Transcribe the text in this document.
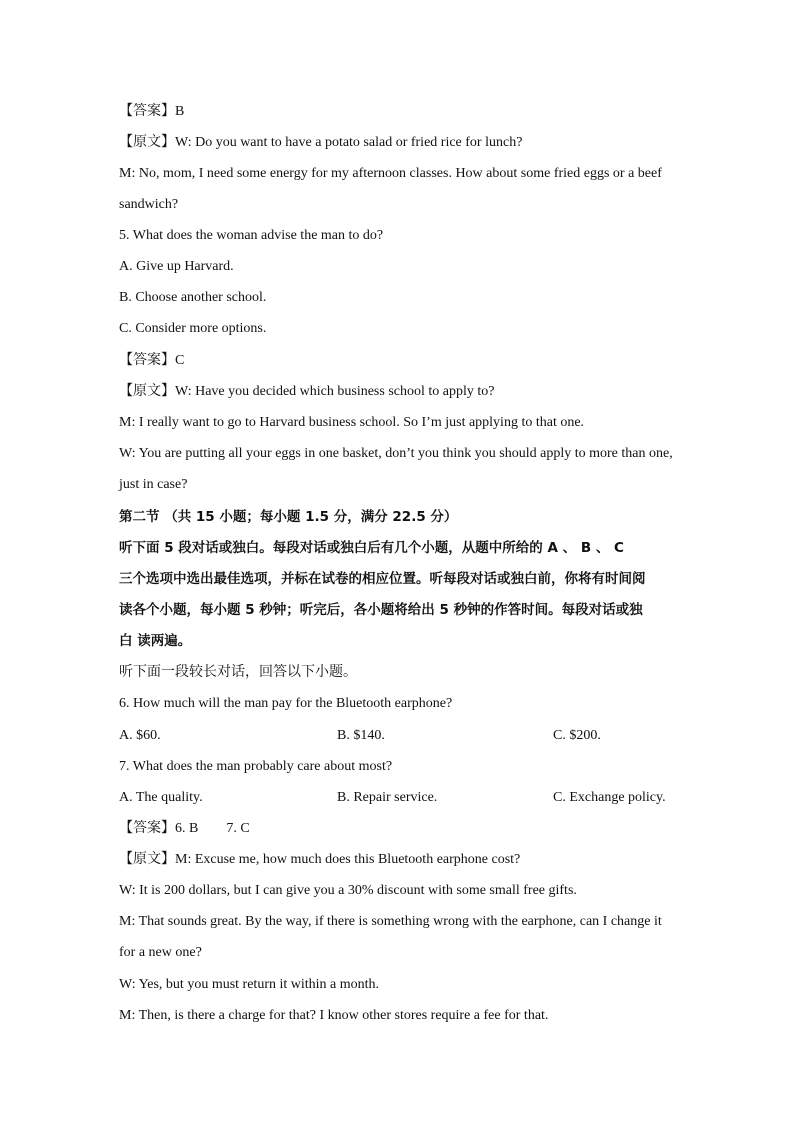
【答案】B
【原文】W: Do you want to have a potato salad or fried rice for lunch?
M: No, mom, I need some energy for my afternoon classes. How about some fried eggs or a beef
sandwich?
5. What does the woman advise the man to do?
A. Give up Harvard.
B. Choose another school.
C. Consider more options.
【答案】C
【原文】W: Have you decided which business school to apply to?
M: I really want to go to Harvard business school. So I’m just applying to that one.
W: You are putting all your eggs in one basket, don’t you think you should apply to more than one,
just in case?
第二节 （共 15 小题；每小题 1.5 分，满分 22.5 分）
听下面 5 段对话或独白。每段对话或独白后有几个小题，从题中所给的 A 、 B 、 C
三个选项中选出最佳选项，并标在试卷的相应位置。听每段对话或独白前，你将有时间阅
读各个小题，每小题 5 秒钟；听完后，各小题将给出 5 秒钟的作答时间。每段对话或独
白 读两遍。
听下面一段较长对话，回答以下小题。
6. How much will the man pay for the Bluetooth earphone?
A. $60.	B. $140.	C. $200.
7. What does the man probably care about most?
A. The quality.	B. Repair service.	C. Exchange policy.
【答案】6. B        7. C
【原文】M: Excuse me, how much does this Bluetooth earphone cost?
W: It is 200 dollars, but I can give you a 30% discount with some small free gifts.
M: That sounds great. By the way, if there is something wrong with the earphone, can I change it
for a new one?
W: Yes, but you must return it within a month.
M: Then, is there a charge for that? I know other stores require a fee for that.
